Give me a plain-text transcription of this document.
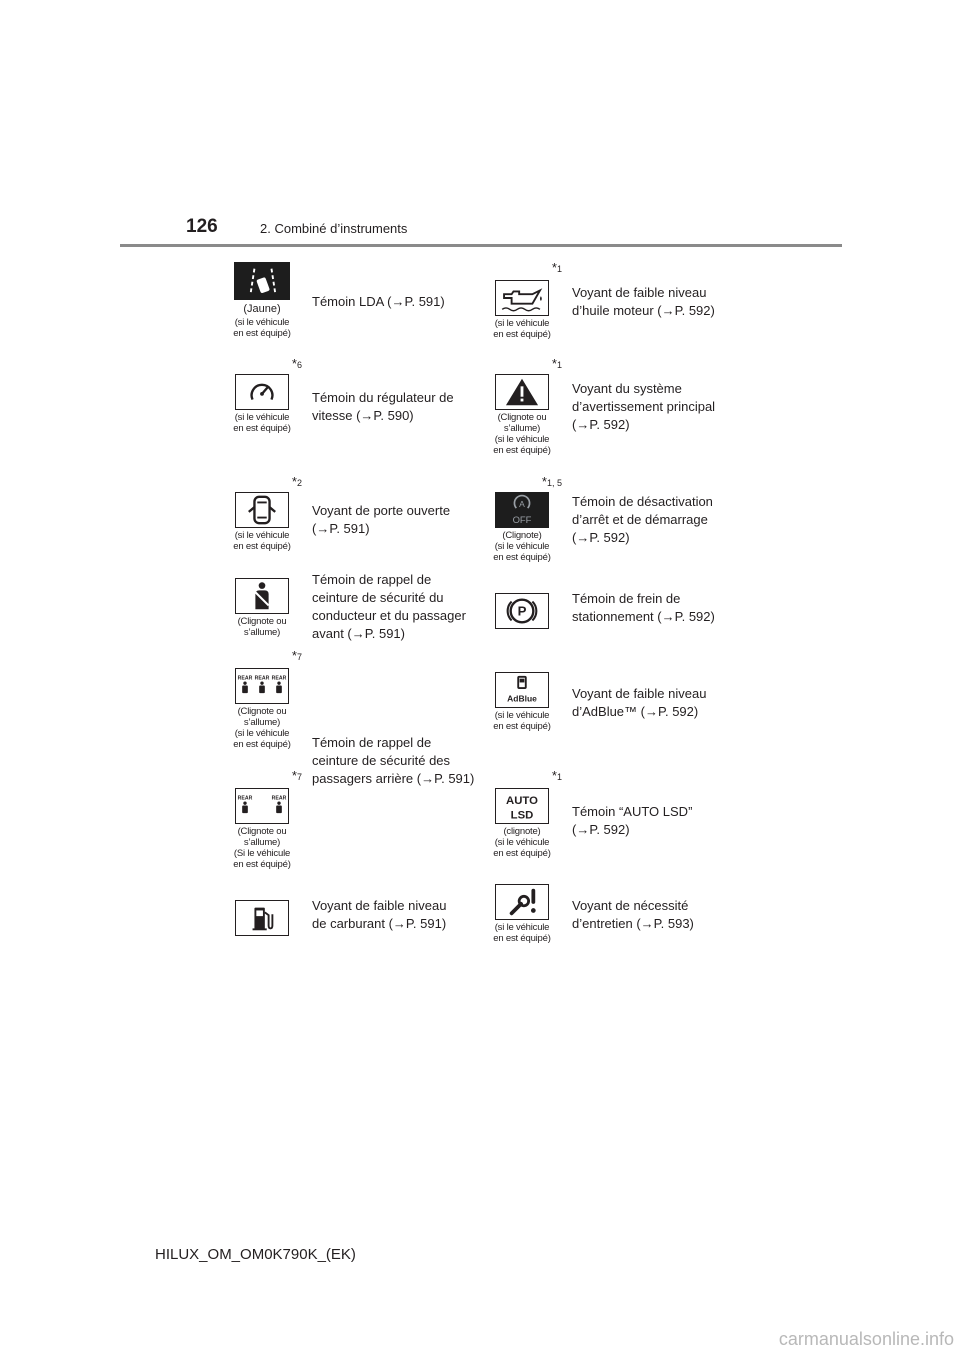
126	2. Combiné d’instruments
(Jaune)
(si le véhicule
en est équipé)
Témoin LDA (→P. 591)
*1
(si le véhicule
en est équipé)
Voyant de faible niveau
d’huile moteur (→P. 592)
*6
(si le véhicule
en est équipé)
Témoin du régulateur de
vitesse (→P. 590)
*1
(Clignote ou
s’allume)
(si le véhicule
en est équipé)
Voyant du système
d’avertissement principal
(→P. 592)
*2
(si le véhicule
en est équipé)
Voyant de porte ouverte
(→P. 591)
*1, 5
A
OFF
(Clignote)
(si le véhicule
en est équipé)
Témoin de désactivation
d’arrêt et de démarrage
(→P. 592)
(Clignote ou
s’allume)
Témoin de rappel de
ceinture de sécurité du
conducteur et du passager
avant (→P. 591)
P
Témoin de frein de
stationnement (→P. 592)
*7
REAR REAR REAR
(Clignote ou
s’allume)
(si le véhicule
en est équipé)
AdBlue
(si le véhicule
en est équipé)
Voyant de faible niveau
d’AdBlue™ (→P. 592)
Témoin de rappel de
ceinture de sécurité des
passagers arrière (→P. 591)
*7
REAR	REAR
(Clignote ou
s’allume)
(Si le véhicule
en est équipé)
*1
AUTO
LSD
(clignote)
(si le véhicule
en est équipé)
Témoin “AUTO LSD”
(→P. 592)
Voyant de faible niveau
de carburant (→P. 591)	(si le véhicule
en est équipé)
Voyant de nécessité
d’entretien (→P. 593)
HILUX_OM_OM0K790K_(EK)
carmanualsonline.info
